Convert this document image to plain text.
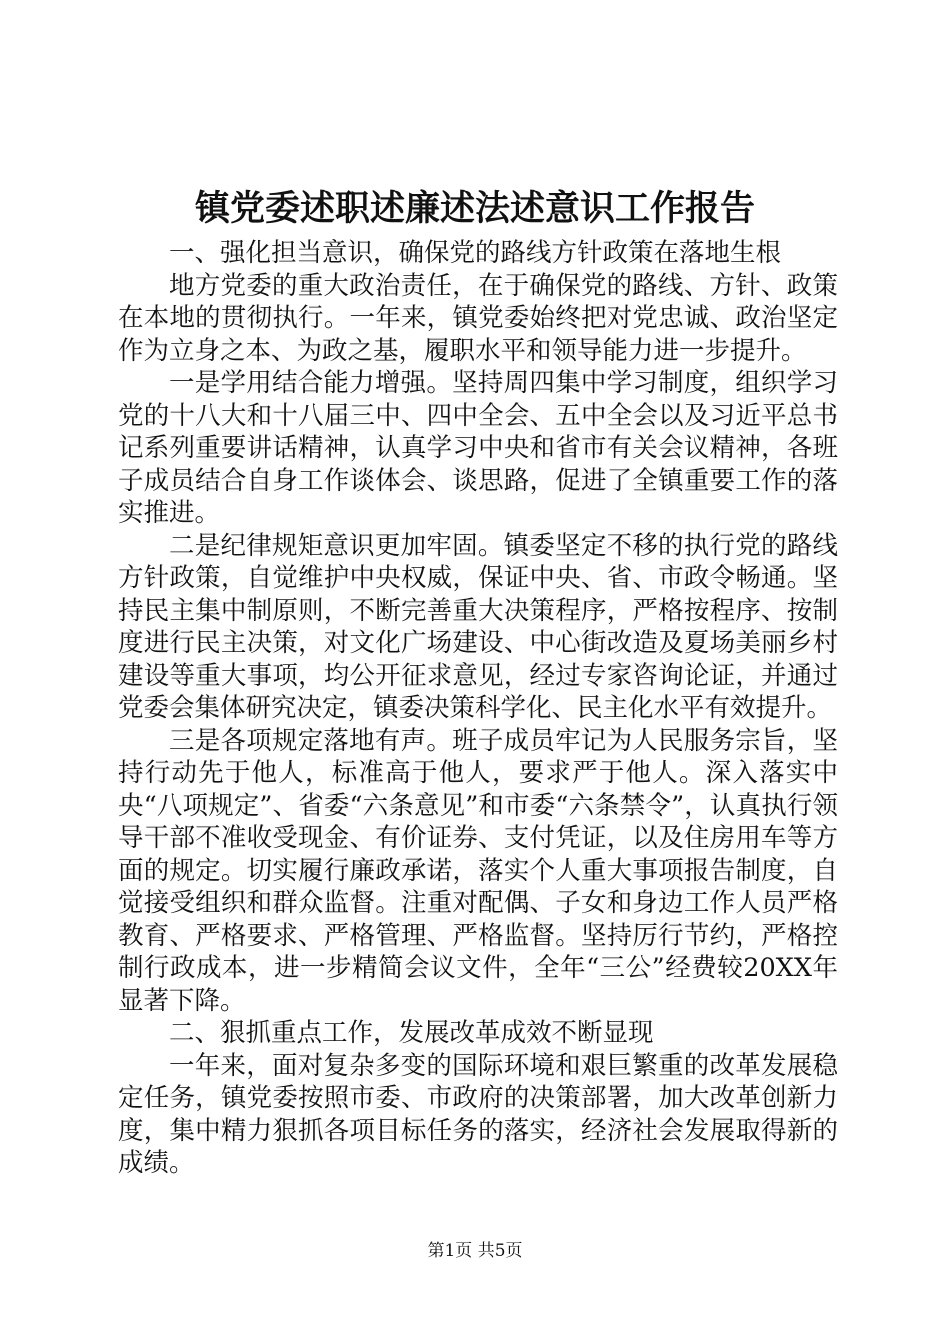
镇党委述职述廉述法述意识工作报告

一、强化担当意识，确保党的路线方针政策在落地生根

地方党委的重大政治责任，在于确保党的路线、方针、政策在本地的贯彻执行。一年来，镇党委始终把对党忠诚、政治坚定作为立身之本、为政之基，履职水平和领导能力进一步提升。

一是学用结合能力增强。坚持周四集中学习制度，组织学习党的十八大和十八届三中、四中全会、五中全会以及习近平总书记系列重要讲话精神，认真学习中央和省市有关会议精神，各班子成员结合自身工作谈体会、谈思路，促进了全镇重要工作的落实推进。

二是纪律规矩意识更加牢固。镇委坚定不移的执行党的路线方针政策，自觉维护中央权威，保证中央、省、市政令畅通。坚持民主集中制原则，不断完善重大决策程序，严格按程序、按制度进行民主决策，对文化广场建设、中心街改造及夏场美丽乡村建设等重大事项，均公开征求意见，经过专家咨询论证，并通过党委会集体研究决定，镇委决策科学化、民主化水平有效提升。

三是各项规定落地有声。班子成员牢记为人民服务宗旨，坚持行动先于他人，标准高于他人，要求严于他人。深入落实中央“八项规定”、省委“六条意见”和市委“六条禁令”，认真执行领导干部不准收受现金、有价证券、支付凭证，以及住房用车等方面的规定。切实履行廉政承诺，落实个人重大事项报告制度，自觉接受组织和群众监督。注重对配偶、子女和身边工作人员严格教育、严格要求、严格管理、严格监督。坚持厉行节约，严格控制行政成本，进一步精简会议文件，全年“三公”经费较20XX年显著下降。

二、狠抓重点工作，发展改革成效不断显现

一年来，面对复杂多变的国际环境和艰巨繁重的改革发展稳定任务，镇党委按照市委、市政府的决策部署，加大改革创新力度，集中精力狠抓各项目标任务的落实，经济社会发展取得新的成绩。

第1页 共5页
